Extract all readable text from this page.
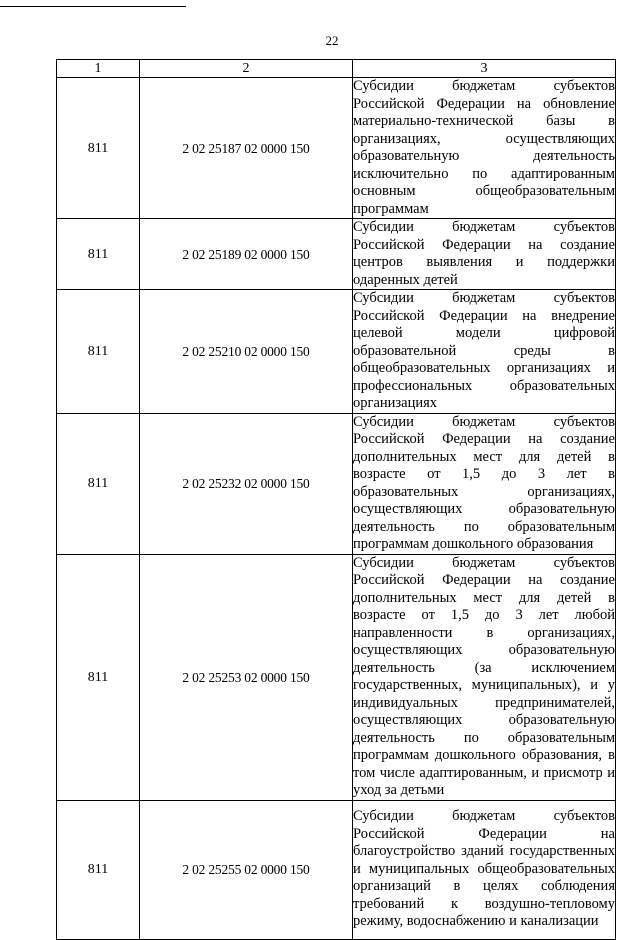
22
1	2	3
811	2 02 25187 02 0000 150	Субсидии бюджетам субъектов Российской Федерации на обновление материально-технической базы в организациях, осуществляющих образовательную деятельность исключительно по адаптированным основным общеобразовательным программам
811	2 02 25189 02 0000 150	Субсидии бюджетам субъектов Российской Федерации на создание центров выявления и поддержки одаренных детей
811	2 02 25210 02 0000 150	Субсидии бюджетам субъектов Российской Федерации на внедрение целевой модели цифровой образовательной среды в общеобразовательных организациях и профессиональных образовательных организациях
811	2 02 25232 02 0000 150	Субсидии бюджетам субъектов Российской Федерации на создание дополнительных мест для детей в возрасте от 1,5 до 3 лет в образовательных организациях, осуществляющих образовательную деятельность по образовательным программам дошкольного образования
811	2 02 25253 02 0000 150	Субсидии бюджетам субъектов Российской Федерации на создание дополнительных мест для детей в возрасте от 1,5 до 3 лет любой направленности в организациях, осуществляющих образовательную деятельность (за исключением государственных, муниципальных), и у индивидуальных предпринимателей, осуществляющих образовательную деятельность по образовательным программам дошкольного образования, в том числе адаптированным, и присмотр и уход за детьми
811	2 02 25255 02 0000 150	Субсидии бюджетам субъектов Российской Федерации на благоустройство зданий государственных и муниципальных общеобразовательных организаций в целях соблюдения требований к воздушно-тепловому режиму, водоснабжению и канализации
